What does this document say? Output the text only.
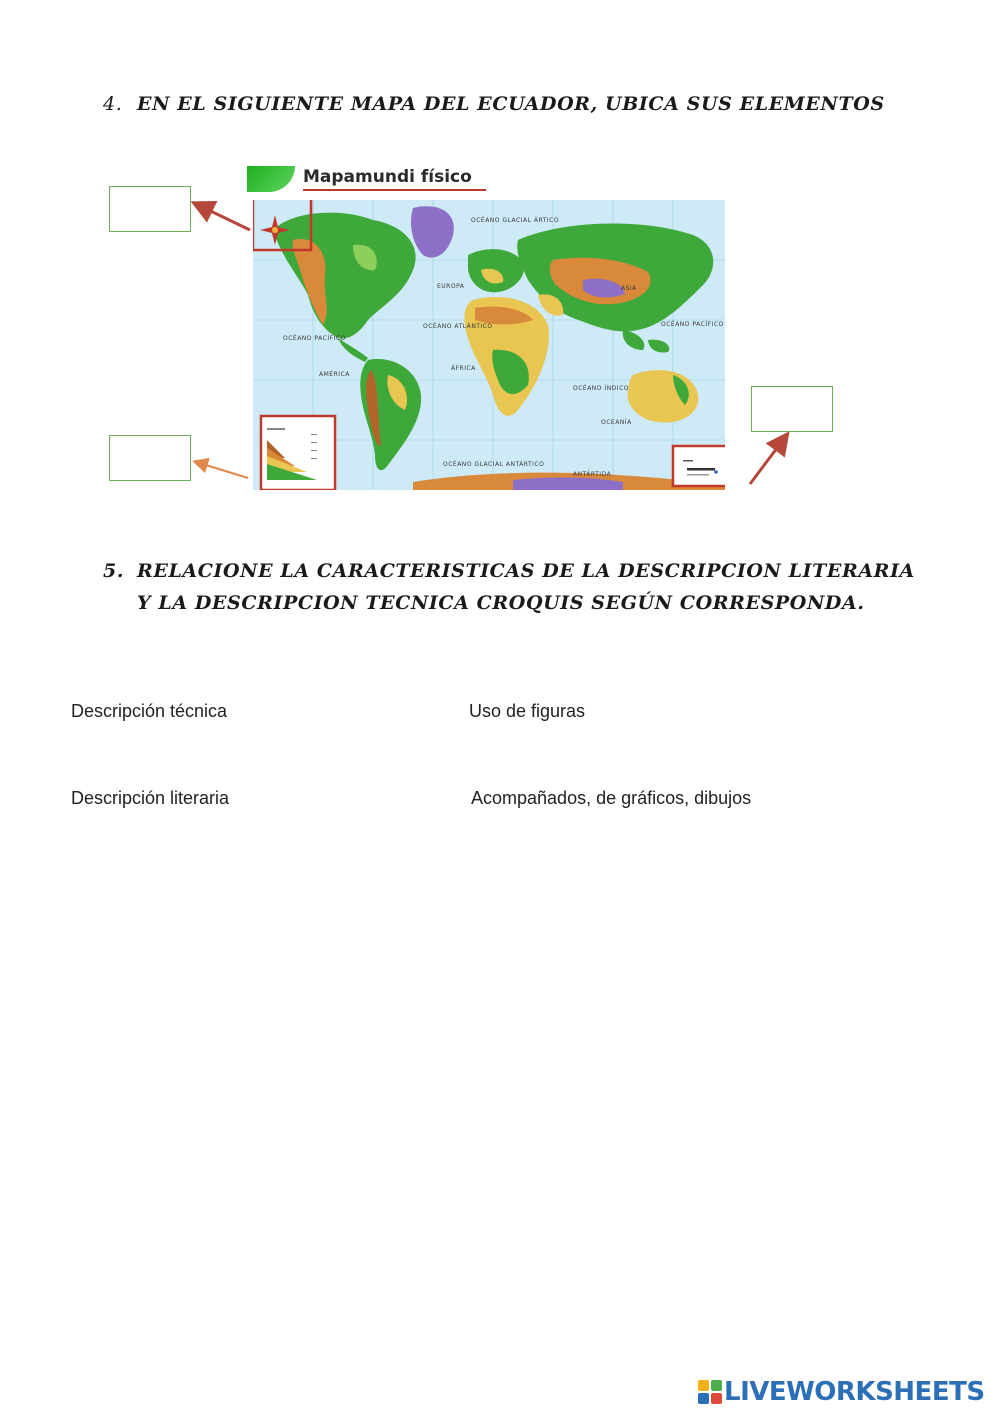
4. EN EL SIGUIENTE MAPA DEL ECUADOR, UBICA SUS ELEMENTOS
Mapamundi físico
OCÉANO GLACIAL ÁRTICO
EUROPA	ASIA
OCÉANO ATLÁNTICO
OCÉANO PACÍFICO
OCÉANO PACÍFICO
AMÉRICA
ÁFRICA
OCÉANO ÍNDICO
OCEANÍA
OCÉANO GLACIAL ANTÁRTICO
ANTÁRTIDA
5. RELACIONE LA CARACTERISTICAS DE LA DESCRIPCION LITERARIA
Y LA DESCRIPCION TECNICA CROQUIS SEGÚN CORRESPONDA.
Descripción técnica	Uso de figuras
Descripción literaria	Acompañados, de gráficos, dibujos
LIVEWORKSHEETS
